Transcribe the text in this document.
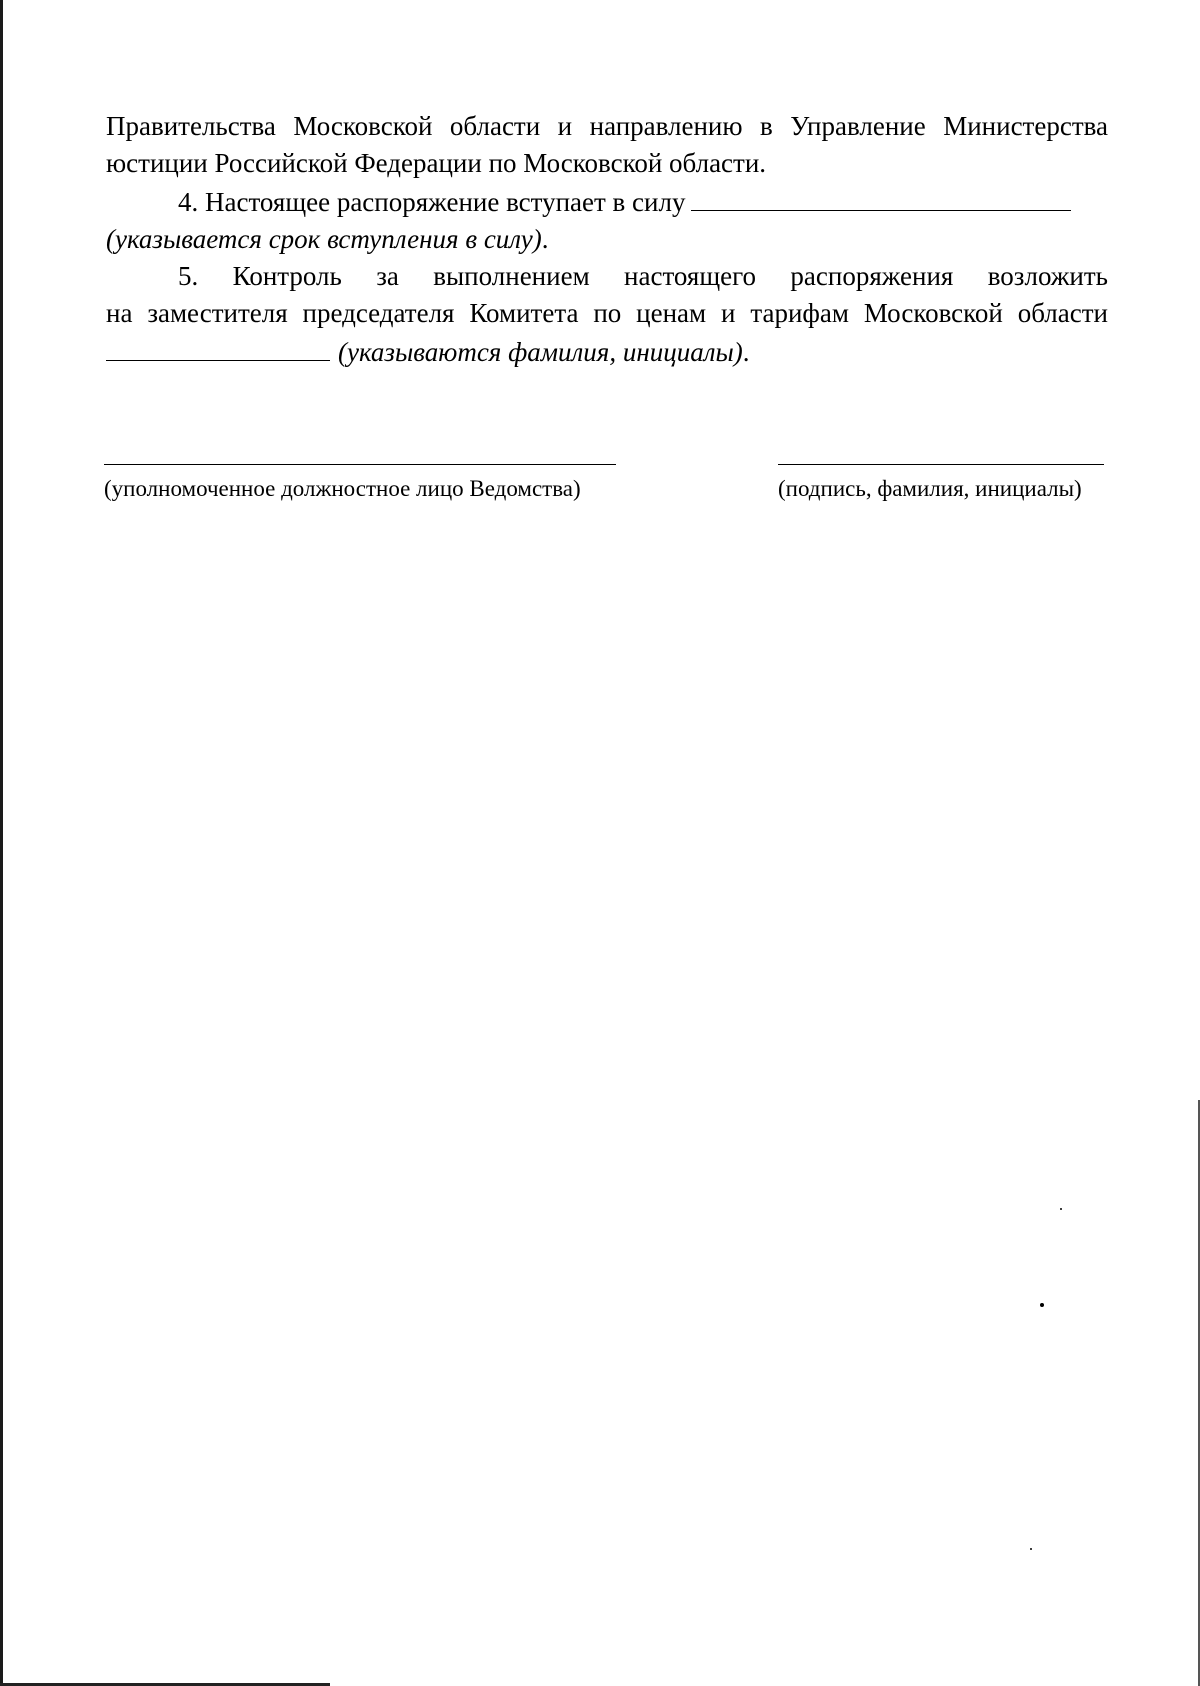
Правительства Московской области и направлению в Управление Министерства
юстиции Российской Федерации по Московской области.
4. Настоящее распоряжение вступает в силу
(указывается срок вступления в силу).
5. Контроль за выполнением настоящего распоряжения возложить
на заместителя председателя Комитета по ценам и тарифам Московской области
(указываются фамилия, инициалы).
(уполномоченное должностное лицо Ведомства)	(подпись, фамилия, инициалы)
